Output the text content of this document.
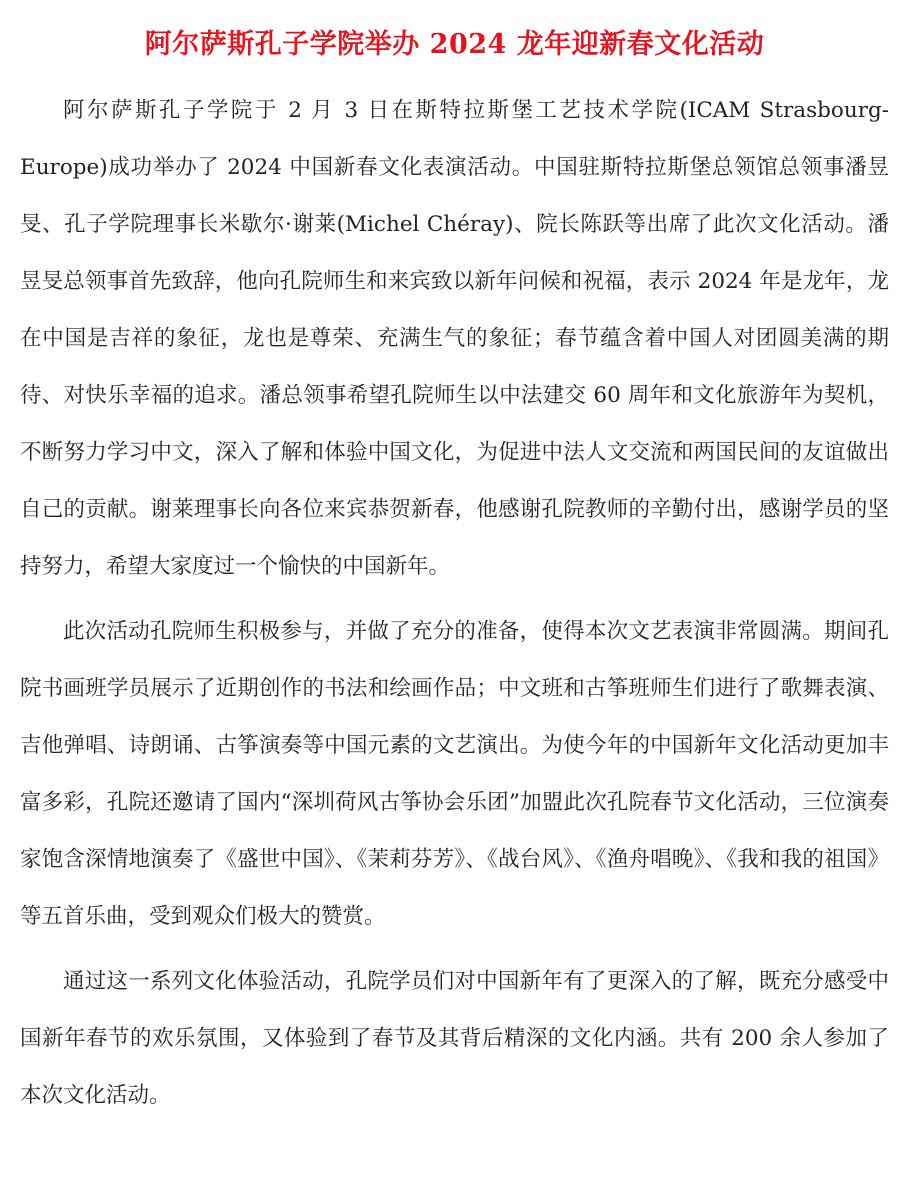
阿尔萨斯孔子学院举办 2024 龙年迎新春文化活动

阿尔萨斯孔子学院于 2 月 3 日在斯特拉斯堡工艺技术学院(ICAM Strasbourg-Europe)成功举办了 2024 中国新春文化表演活动。中国驻斯特拉斯堡总领馆总领事潘昱旻、孔子学院理事长米歇尔·谢莱(Michel Chéray)、院长陈跃等出席了此次文化活动。潘昱旻总领事首先致辞，他向孔院师生和来宾致以新年问候和祝福，表示 2024 年是龙年，龙在中国是吉祥的象征，龙也是尊荣、充满生气的象征；春节蕴含着中国人对团圆美满的期待、对快乐幸福的追求。潘总领事希望孔院师生以中法建交 60 周年和文化旅游年为契机，不断努力学习中文，深入了解和体验中国文化，为促进中法人文交流和两国民间的友谊做出自己的贡献。谢莱理事长向各位来宾恭贺新春，他感谢孔院教师的辛勤付出，感谢学员的坚持努力，希望大家度过一个愉快的中国新年。

此次活动孔院师生积极参与，并做了充分的准备，使得本次文艺表演非常圆满。期间孔院书画班学员展示了近期创作的书法和绘画作品；中文班和古筝班师生们进行了歌舞表演、吉他弹唱、诗朗诵、古筝演奏等中国元素的文艺演出。为使今年的中国新年文化活动更加丰富多彩，孔院还邀请了国内“深圳荷风古筝协会乐团”加盟此次孔院春节文化活动，三位演奏家饱含深情地演奏了《盛世中国》、《茉莉芬芳》、《战台风》、《渔舟唱晚》、《我和我的祖国》等五首乐曲，受到观众们极大的赞赏。

通过这一系列文化体验活动，孔院学员们对中国新年有了更深入的了解，既充分感受中国新年春节的欢乐氛围，又体验到了春节及其背后精深的文化内涵。共有 200 余人参加了本次文化活动。
